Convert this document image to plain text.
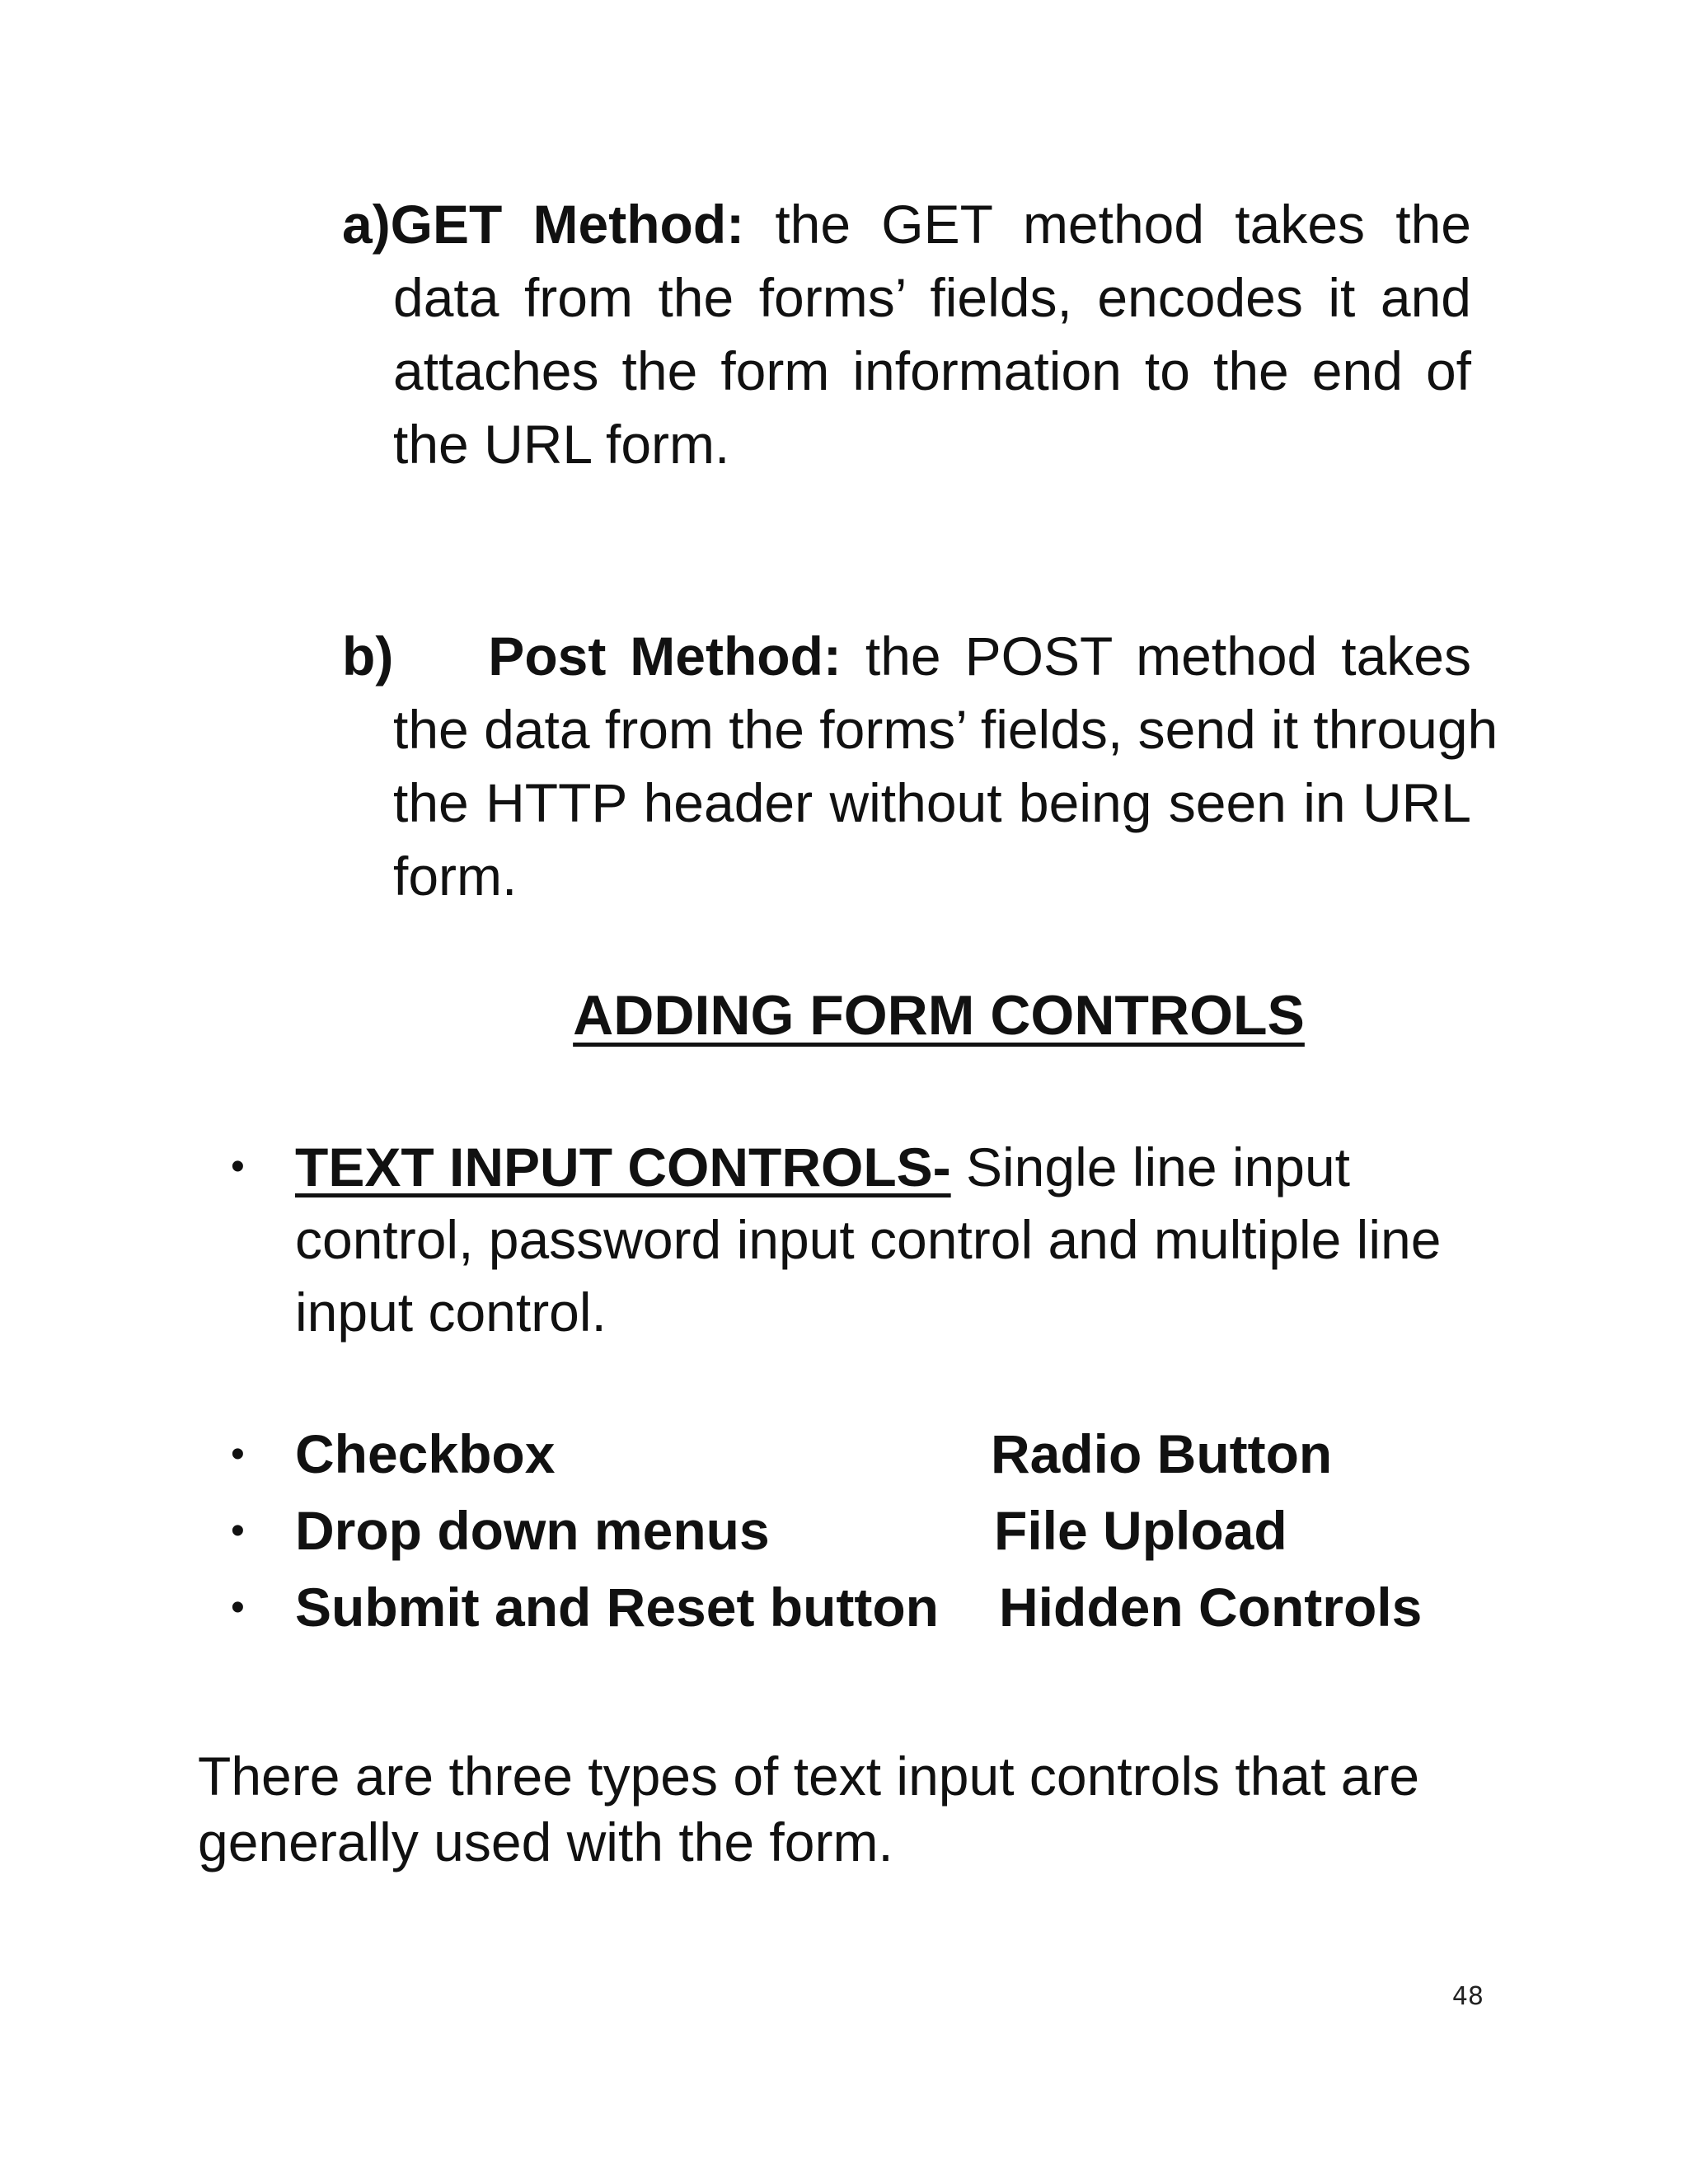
a)GET Method: the GET method takes the
data from the forms’ fields, encodes it and
attaches the form information to the end of
the URL form.
b) Post Method: the POST method takes
the data from the forms’ fields, send it through
the HTTP header without being seen in URL
form.
ADDING FORM CONTROLS
• TEXT INPUT CONTROLS- Single line input control, password input control and multiple line input control.
• Checkbox	Radio Button
• Drop down menus	File Upload
• Submit and Reset button Hidden Controls
There are three types of text input controls that are generally used with the form.
48
